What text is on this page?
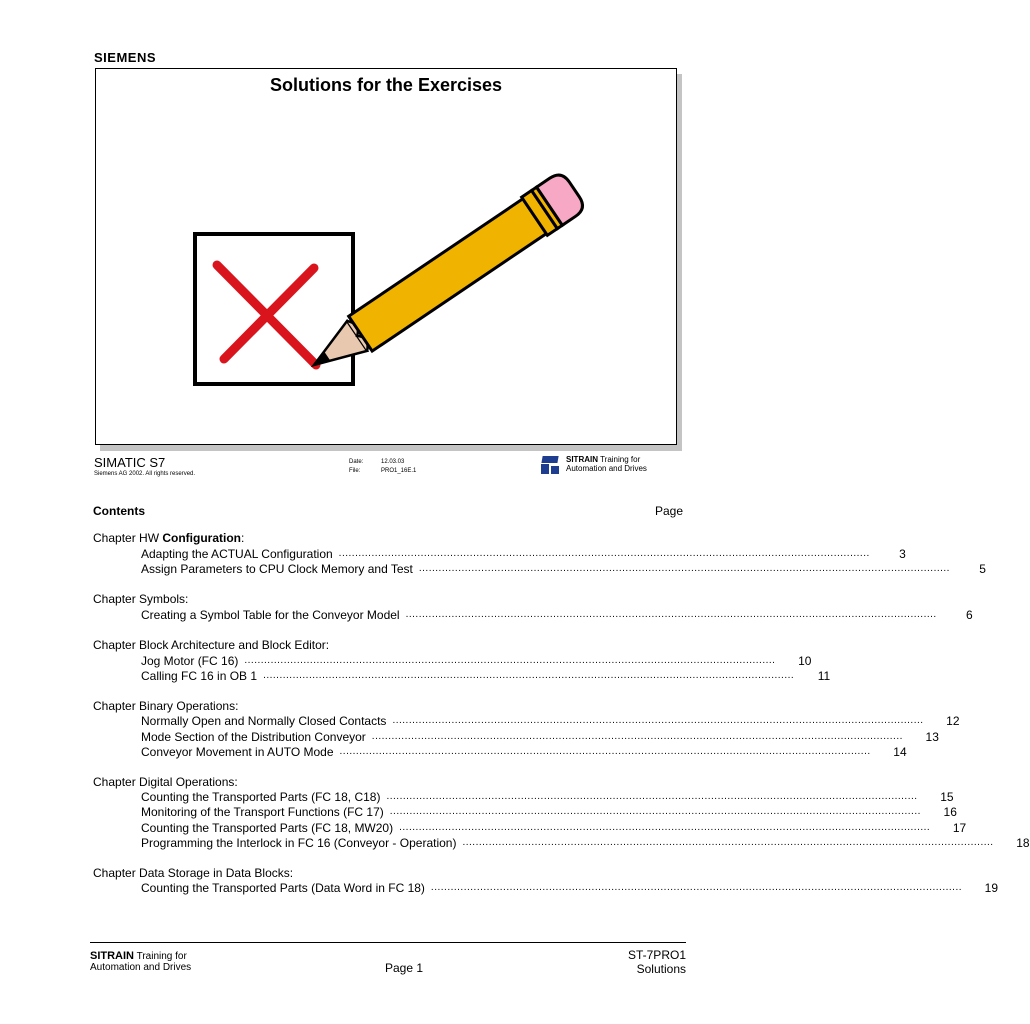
SIEMENS
Solutions for the Exercises
SIMATIC S7
Siemens AG 2002. All rights reserved.
Date:	12.03.03
File:	PRO1_16E.1
SITRAIN Training for
Automation and Drives
Contents	Page
Chapter HW Configuration:
Adapting the ACTUAL Configuration ..................................................................................................................................................................	3
Assign Parameters to CPU Clock Memory and Test ..................................................................................................................................................................	5
Chapter Symbols:
Creating a Symbol Table for the Conveyor Model ..................................................................................................................................................................	6
Chapter Block Architecture and Block Editor:
Jog Motor (FC 16) ..................................................................................................................................................................	10
Calling FC 16 in OB 1 ..................................................................................................................................................................	11
Chapter Binary Operations:
Normally Open and Normally Closed Contacts ..................................................................................................................................................................	12
Mode Section of the Distribution Conveyor ..................................................................................................................................................................	13
Conveyor Movement in AUTO Mode ..................................................................................................................................................................	14
Chapter Digital Operations:
Counting the Transported Parts (FC 18, C18) ..................................................................................................................................................................	15
Monitoring of the Transport Functions (FC 17) ..................................................................................................................................................................	16
Counting the Transported Parts (FC 18, MW20) ..................................................................................................................................................................	17
Programming the Interlock in FC 16 (Conveyor - Operation) ..................................................................................................................................................................	18
Chapter Data Storage in Data Blocks:
Counting the Transported Parts (Data Word in FC 18) ..................................................................................................................................................................	19
SITRAIN Training for
Automation and Drives	Page 1
ST-7PRO1
Solutions
